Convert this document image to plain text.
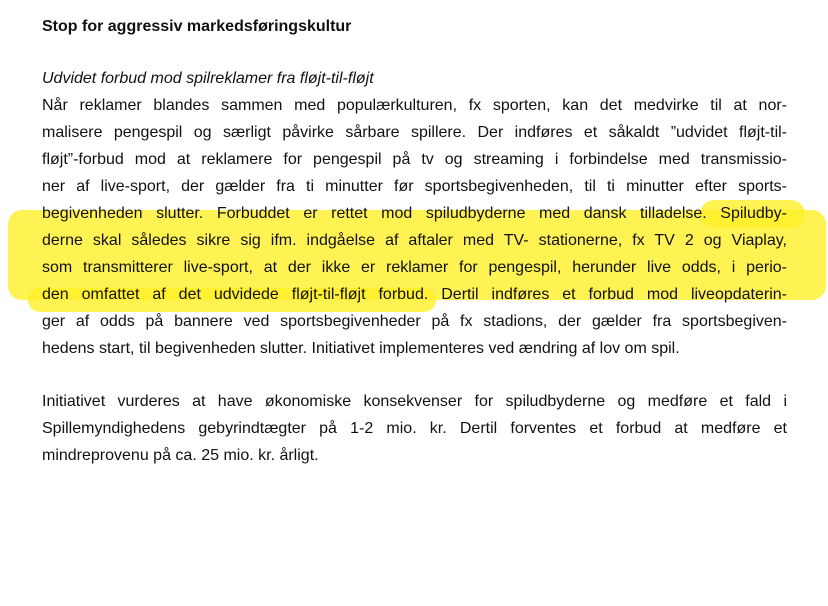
Stop for aggressiv markedsføringskultur

Udvidet forbud mod spilreklamer fra fløjt-til-fløjt

Når reklamer blandes sammen med populærkulturen, fx sporten, kan det medvirke til at nor-
malisere pengespil og særligt påvirke sårbare spillere. Der indføres et såkaldt ”udvidet fløjt-til-
fløjt”-forbud mod at reklamere for pengespil på tv og streaming i forbindelse med transmissio-
ner af live-sport, der gælder fra ti minutter før sportsbegivenheden, til ti minutter efter sports-
begivenheden slutter. Forbuddet er rettet mod spiludbyderne med dansk tilladelse. Spiludby-
derne skal således sikre sig ifm. indgåelse af aftaler med TV- stationerne, fx TV 2 og Viaplay,
som transmitterer live-sport, at der ikke er reklamer for pengespil, herunder live odds, i perio-
den omfattet af det udvidede fløjt-til-fløjt forbud. Dertil indføres et forbud mod liveopdaterin-
ger af odds på bannere ved sportsbegivenheder på fx stadions, der gælder fra sportsbegiven-
hedens start, til begivenheden slutter. Initiativet implementeres ved ændring af lov om spil.
Initiativet vurderes at have økonomiske konsekvenser for spiludbyderne og medføre et fald i
Spillemyndighedens gebyrindtægter på 1-2 mio. kr. Dertil forventes et forbud at medføre et
mindreprovenu på ca. 25 mio. kr. årligt.
